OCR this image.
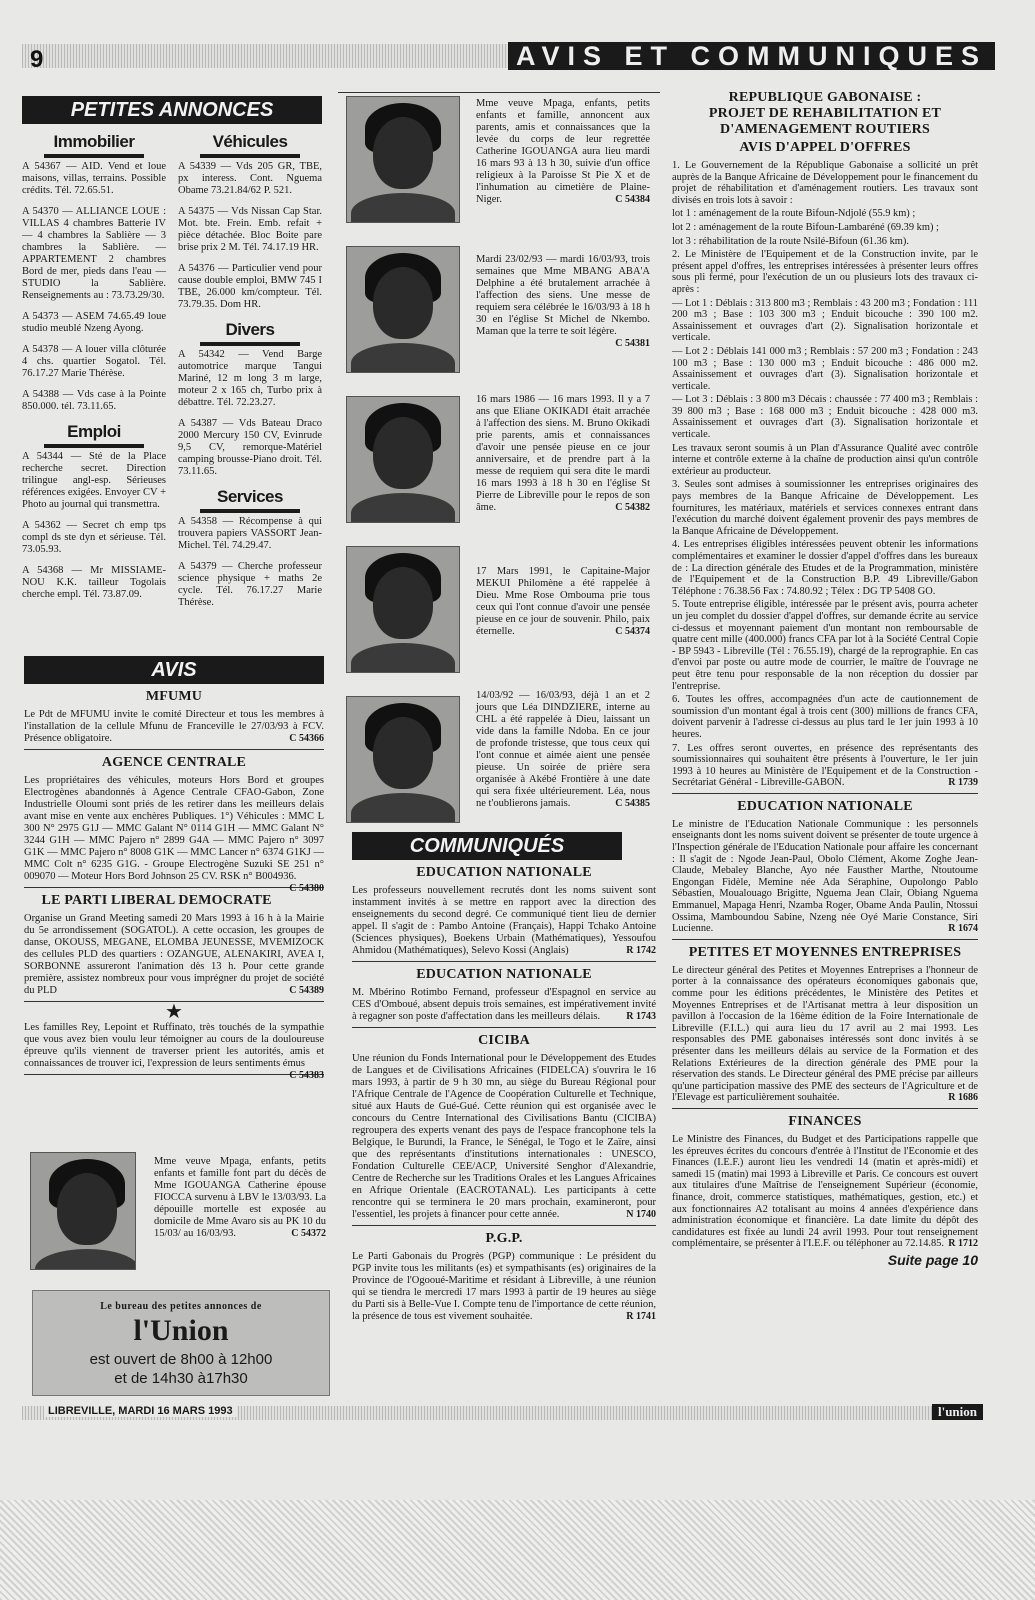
9	AVIS ET COMMUNIQUES
PETITES ANNONCES
Immobilier

A 54367 — AID. Vend et loue maisons, villas, terrains. Possible crédits. Tél. 72.65.51.

A 54370 — ALLIANCE LOUE : VILLAS 4 chambres Batterie IV — 4 chambres la Sablière — 3 chambres la Sablière. — APPARTEMENT 2 chambres Bord de mer, pieds dans l'eau — STUDIO la Sablière. Renseignements au : 73.73.29/30.

A 54373 — ASEM 74.65.49 loue studio meublé Nzeng Ayong.

A 54378 — A louer villa clôturée 4 chs. quartier Sogatol. Tél. 76.17.27 Marie Thérèse.

A 54388 — Vds case à la Pointe 850.000. tél. 73.11.65.

Emploi

A 54344 — Sté de la Place recherche secret. Direction trilingue angl-esp. Sérieuses références exigées. Envoyer CV + Photo au journal qui transmettra.

A 54362 — Secret ch emp tps compl ds ste dyn et sérieuse. Tél. 73.05.93.

A 54368 — Mr MISSIAME-NOU K.K. tailleur Togolais cherche empl. Tél. 73.87.09.

Véhicules

A 54339 — Vds 205 GR, TBE, px interess. Cont. Nguema Obame 73.21.84/62 P. 521.

A 54375 — Vds Nissan Cap Star. Mot. bte. Frein. Emb. refait + pièce détachée. Bloc Boite pare brise prix 2 M. Tél. 74.17.19 HR.

A 54376 — Particulier vend pour cause double emploi, BMW 745 I TBE, 26.000 km/compteur. Tél. 73.79.35. Dom HR.

Divers

A 54342 — Vend Barge automotrice marque Tangui Mariné, 12 m long 3 m large, moteur 2 x 165 ch, Turbo prix à débattre. Tél. 72.23.27.

A 54387 — Vds Bateau Draco 2000 Mercury 150 CV, Evinrude 9,5 CV, remorque-Matériel camping brousse-Piano droit. Tél. 73.11.65.

Services

A 54358 — Récompense à qui trouvera papiers VASSORT Jean-Michel. Tél. 74.29.47.

A 54379 — Cherche professeur science physique + maths 2e cycle. Tél. 76.17.27 Marie Thérèse.

AVIS
MFUMU

Le Pdt de MFUMU invite le comité Directeur et tous les membres à l'installation de la cellule Mfunu de Franceville le 27/03/93 à FCV. Présence obligatoire.	C 54366

AGENCE CENTRALE

Les propriétaires des véhicules, moteurs Hors Bord et groupes Electrogènes abandonnés à Agence Centrale CFAO-Gabon, Zone Industrielle Oloumi sont priés de les retirer dans les meilleurs delais avant mise en vente aux enchères Publiques. 1°) Véhicules : MMC L 300 N° 2975 G1J — MMC Galant N° 0114 G1H — MMC Galant N° 3244 G1H — MMC Pajero n° 2899 G4A — MMC Pajero n° 3097 G1K — MMC Pajero n° 8008 G1K — MMC Lancer n° 6374 G1KJ — MMC Colt n° 6235 G1G. - Groupe Electrogène Suzuki SE 251 n° 009070 — Moteur Hors Bord Johnson 25 CV. RSK n° B004936.
C 54380

LE PARTI LIBERAL DEMOCRATE

Organise un Grand Meeting samedi 20 Mars 1993 à 16 h à la Mairie du 5e arrondissement (SOGATOL). A cette occasion, les groupes de danse, OKOUSS, MEGANE, ELOMBA JEUNESSE, MVEMIZOCK des cellules PLD des quartiers : OZANGUE, ALENAKIRI, AVEA I, SORBONNE assureront l'animation dès 13 h. Pour cette grande première, assistez nombreux pour vous imprégner du projet de société du PLD	C 54389

★

Les familles Rey, Lepoint et Ruffinato, très touchés de la sympathie que vous avez bien voulu leur témoigner au cours de la douloureuse épreuve qu'ils viennent de traverser prient les autorités, amis et connaissances de trouver ici, l'expression de leurs sentiments émus
C 54383

Mme veuve Mpaga, enfants, petits enfants et famille font part du décès de Mme IGOUANGA Catherine épouse FIOCCA survenu à LBV le 13/03/93. La dépouille mortelle est exposée au domicile de Mme Avaro sis au PK 10 du 15/03/ au 16/03/93.	C 54372
Le bureau des petites annonces de
l'Union
est ouvert de 8h00 à 12h00
et de 14h30 à17h30
Mme veuve Mpaga, enfants, petits enfants et famille, annoncent aux parents, amis et connaissances que la levée du corps de leur regrettée Catherine IGOUANGA aura lieu mardi 16 mars 93 à 13 h 30, suivie d'un office religieux à la Paroisse St Pie X et de l'inhumation au cimetière de Plaine-Niger.	C 54384
Mardi 23/02/93 — mardi 16/03/93, trois semaines que Mme MBANG ABA'A Delphine a été brutalement arrachée à l'affection des siens. Une messe de requiem sera célébrée le 16/03/93 à 18 h 30 en l'église St Michel de Nkembo. Maman que la terre te soit légère.
C 54381
16 mars 1986 — 16 mars 1993. Il y a 7 ans que Eliane OKIKADI était arrachée à l'affection des siens. M. Bruno Okikadi prie parents, amis et connaissances d'avoir une pensée pieuse en ce jour anniversaire, et de prendre part à la messe de requiem qui sera dite le mardi 16 mars 1993 à 18 h 30 en l'église St Pierre de Libreville pour le repos de son âme.	C 54382
17 Mars 1991, le Capitaine-Major MEKUI Philomène a été rappelée à Dieu. Mme Rose Ombouma prie tous ceux qui l'ont connue d'avoir une pensée pieuse en ce jour de souvenir. Philo, paix éternelle.	C 54374
14/03/92 — 16/03/93, déjà 1 an et 2 jours que Léa DINDZIERE, interne au CHL a été rappelée à Dieu, laissant un vide dans la famille Ndoba. En ce jour de profonde tristesse, que tous ceux qui l'ont connue et aimée aient une pensée pieuse. Un soirée de prière sera organisée à Akébé Frontière à une date qui sera fixée ultérieurement. Léa, nous ne t'oublierons jamais.	C 54385
COMMUNIQUÉS
EDUCATION NATIONALE

Les professeurs nouvellement recrutés dont les noms suivent sont instamment invités à se mettre en rapport avec la direction des enseignements du second degré. Ce communiqué tient lieu de dernier appel. Il s'agit de : Pambo Antoine (Français), Happi Tchako Antoine (Sciences physiques), Boekens Urbain (Mathématiques), Yessoufou Ahmidou (Mathématiques), Selevo Kossi (Anglais)	R 1742

EDUCATION NATIONALE

M. Mbérino Rotimbo Fernand, professeur d'Espagnol en service au CES d'Omboué, absent depuis trois semaines, est impérativement invité à regagner son poste d'affectation dans les meilleurs délais.	R 1743

CICIBA

Une réunion du Fonds International pour le Développement des Etudes de Langues et de Civilisations Africaines (FIDELCA) s'ouvrira le 16 mars 1993, à partir de 9 h 30 mn, au siège du Bureau Régional pour l'Afrique Centrale de l'Agence de Coopération Culturelle et Technique, situé aux Hauts de Gué-Gué. Cette réunion qui est organisée avec le concours du Centre International des Civilisations Bantu (CICIBA) regroupera des experts venant des pays de l'espace francophone tels la Belgique, le Burundi, la France, le Sénégal, le Togo et le Zaïre, ainsi que des représentants d'institutions internationales : UNESCO, Fondation Culturelle CEE/ACP, Université Senghor d'Alexandrie, Centre de Recherche sur les Traditions Orales et les Langues Africaines en Afrique Orientale (EACROTANAL). Les participants à cette rencontre qui se terminera le 20 mars prochain, examineront, pour l'essentiel, les projets à financer pour cette année.	N 1740

P.G.P.

Le Parti Gabonais du Progrès (PGP) communique : Le président du PGP invite tous les militants (es) et sympathisants (es) originaires de la Province de l'Ogooué-Maritime et résidant à Libreville, à une réunion qui se tiendra le mercredi 17 mars 1993 à partir de 19 heures au siège du Parti sis à Belle-Vue I. Compte tenu de l'importance de cette réunion, la présence de tous est vivement souhaitée.	R 1741

REPUBLIQUE GABONAISE :
PROJET DE REHABILITATION ET D'AMENAGEMENT ROUTIERS
AVIS D'APPEL D'OFFRES

1. Le Gouvernement de la République Gabonaise a sollicité un prêt auprès de la Banque Africaine de Développement pour le financement du projet de réhabilitation et d'aménagement routiers. Les travaux sont divisés en trois lots à savoir :

lot 1 : aménagement de la route Bifoun-Ndjolé (55.9 km) ;

lot 2 : aménagement de la route Bifoun-Lambaréné (69.39 km) ;

lot 3 : réhabilitation de la route Nsilé-Bifoun (61.36 km).

2. Le Ministère de l'Equipement et de la Construction invite, par le présent appel d'offres, les entreprises intéressées à présenter leurs offres sous pli fermé, pour l'exécution de un ou plusieurs lots des travaux ci-après :

— Lot 1 : Déblais : 313 800 m3 ; Remblais : 43 200 m3 ; Fondation : 111 200 m3 ; Base : 103 300 m3 ; Enduit bicouche : 390 100 m2. Assainissement et ouvrages d'art (2). Signalisation horizontale et verticale.

— Lot 2 : Déblais 141 000 m3 ; Remblais : 57 200 m3 ; Fondation : 243 100 m3 ; Base : 130 000 m3 ; Enduit bicouche : 486 000 m2. Assainissement et ouvrages d'art (3). Signalisation horizontale et verticale.

— Lot 3 : Déblais : 3 800 m3 Décais : chaussée : 77 400 m3 ; Remblais : 39 800 m3 ; Base : 168 000 m3 ; Enduit bicouche : 428 000 m3. Assainissement et ouvrages d'art (3). Signalisation horizontale et verticale.

Les travaux seront soumis à un Plan d'Assurance Qualité avec contrôle interne et contrôle externe à la chaîne de production ainsi qu'un contrôle extérieur au producteur.

3. Seules sont admises à soumissionner les entreprises originaires des pays membres de la Banque Africaine de Développement. Les fournitures, les matériaux, matériels et services connexes entrant dans l'exécution du marché doivent également provenir des pays membres de la Banque Africaine de Développement.

4. Les entreprises éligibles intéressées peuvent obtenir les informations complémentaires et examiner le dossier d'appel d'offres dans les bureaux de : La direction générale des Etudes et de la Programmation, ministère de l'Equipement et de la Construction B.P. 49 Libreville/Gabon Téléphone : 76.38.56 Fax : 74.80.92 ; Télex : DG TP 5408 GO.

5. Toute entreprise éligible, intéressée par le présent avis, pourra acheter un jeu complet du dossier d'appel d'offres, sur demande écrite au service ci-dessus et moyennant paiement d'un montant non remboursable de quatre cent mille (400.000) francs CFA par lot à la Société Central Copie - BP 5943 - Libreville (Tél : 76.55.19), chargé de la reprographie. En cas d'envoi par poste ou autre mode de courrier, le maître de l'ouvrage ne peut être tenu pour responsable de la non réception du dossier par l'entreprise.

6. Toutes les offres, accompagnées d'un acte de cautionnement de soumission d'un montant égal à trois cent (300) millions de francs CFA, doivent parvenir à l'adresse ci-dessus au plus tard le 1er juin 1993 à 10 heures.

7. Les offres seront ouvertes, en présence des représentants des soumissionnaires qui souhaitent être présents à l'ouverture, le 1er juin 1993 à 10 heures au Ministère de l'Equipement et de la Construction - Secrétariat Général - Libreville-GABON.	R 1739

EDUCATION NATIONALE

Le ministre de l'Education Nationale Communique : les personnels enseignants dont les noms suivent doivent se présenter de toute urgence à l'Inspection générale de l'Education Nationale pour affaire les concernant : Il s'agit de : Ngode Jean-Paul, Obolo Clément, Akome Zoghe Jean-Claude, Mebaley Blanche, Ayo née Fausther Marthe, Ntoutoume Engongan Fidèle, Memine née Ada Séraphine, Oupolongo Pablo Sébastien, Moualouago Brigitte, Nguema Jean Clair, Obiang Nguema Emmanuel, Mapaga Henri, Nzamba Roger, Obame Anda Paulin, Ntossui Ossima, Mamboundou Sabine, Nzeng née Oyé Marie Constance, Siri Lucienne.	R 1674

PETITES ET MOYENNES ENTREPRISES

Le directeur général des Petites et Moyennes Entreprises a l'honneur de porter à la connaissance des opérateurs économiques gabonais que, comme pour les éditions précédentes, le Ministère des Petites et Moyennes Entreprises et de l'Artisanat mettra à leur disposition un pavillon à l'occasion de la 16ème édition de la Foire Internationale de Libreville (F.I.L.) qui aura lieu du 17 avril au 2 mai 1993. Les responsables des PME gabonaises intéressés sont donc invités à se présenter dans les meilleurs délais au service de la Formation et des Relations Extérieures de la direction générale des PME pour la réservation des stands. Le Directeur général des PME précise par ailleurs qu'une participation massive des PME des secteurs de l'Agriculture et de l'Elevage est particulièrement souhaitée.	R 1686

FINANCES

Le Ministre des Finances, du Budget et des Participations rappelle que les épreuves écrites du concours d'entrée à l'Institut de l'Economie et des Finances (I.E.F.) auront lieu les vendredi 14 (matin et après-midi) et samedi 15 (matin) mai 1993 à Libreville et Paris. Ce concours est ouvert aux titulaires d'une Maîtrise de l'enseignement Supérieur (économie, finance, droit, commerce statistiques, mathématiques, gestion, etc.) et aux fonctionnaires A2 totalisant au moins 4 années d'expérience dans administration économique et financière. La date limite du dépôt des candidatures est fixée au lundi 24 avril 1993. Pour tout renseignement complémentaire, se présenter à l'I.E.F. ou téléphoner au 72.14.85. R 1712

Suite page 10
LIBREVILLE, MARDI 16 MARS 1993	l'union
